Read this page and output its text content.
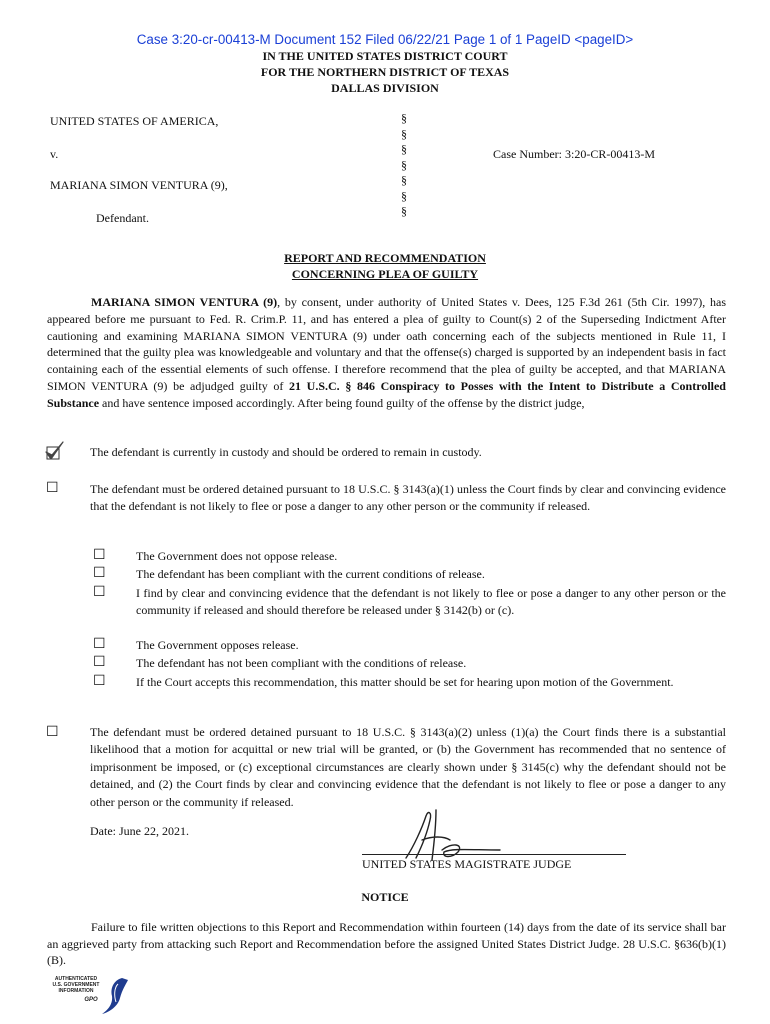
Case 3:20-cr-00413-M Document 152 Filed 06/22/21 Page 1 of 1 PageID <pageID>
IN THE UNITED STATES DISTRICT COURT
FOR THE NORTHERN DISTRICT OF TEXAS
DALLAS DIVISION
UNITED STATES OF AMERICA,
v.
MARIANA SIMON VENTURA (9),
Defendant.
§
§
§
§
§
§
§
Case Number: 3:20-CR-00413-M
REPORT AND RECOMMENDATION
CONCERNING PLEA OF GUILTY
MARIANA SIMON VENTURA (9), by consent, under authority of United States v. Dees, 125 F.3d 261 (5th Cir. 1997), has appeared before me pursuant to Fed. R. Crim.P. 11, and has entered a plea of guilty to Count(s) 2 of the Superseding Indictment After cautioning and examining MARIANA SIMON VENTURA (9) under oath concerning each of the subjects mentioned in Rule 11, I determined that the guilty plea was knowledgeable and voluntary and that the offense(s) charged is supported by an independent basis in fact containing each of the essential elements of such offense. I therefore recommend that the plea of guilty be accepted, and that MARIANA SIMON VENTURA (9) be adjudged guilty of 21 U.S.C. § 846 Conspiracy to Posses with the Intent to Distribute a Controlled Substance and have sentence imposed accordingly. After being found guilty of the offense by the district judge,
The defendant is currently in custody and should be ordered to remain in custody.
☐	The defendant must be ordered detained pursuant to 18 U.S.C. § 3143(a)(1) unless the Court finds by clear and convincing evidence that the defendant is not likely to flee or pose a danger to any other person or the community if released.
☐	The Government does not oppose release.
☐	The defendant has been compliant with the current conditions of release.
☐	I find by clear and convincing evidence that the defendant is not likely to flee or pose a danger to any other person or the community if released and should therefore be released under § 3142(b) or (c).
☐	The Government opposes release.
☐	The defendant has not been compliant with the conditions of release.
☐	If the Court accepts this recommendation, this matter should be set for hearing upon motion of the Government.
☐	The defendant must be ordered detained pursuant to 18 U.S.C. § 3143(a)(2) unless (1)(a) the Court finds there is a substantial likelihood that a motion for acquittal or new trial will be granted, or (b) the Government has recommended that no sentence of imprisonment be imposed, or (c) exceptional circumstances are clearly shown under § 3145(c) why the defendant should not be detained, and (2) the Court finds by clear and convincing evidence that the defendant is not likely to flee or pose a danger to any other person or the community if released.
Date: June 22, 2021.
UNITED STATES MAGISTRATE JUDGE
NOTICE
Failure to file written objections to this Report and Recommendation within fourteen (14) days from the date of its service shall bar an aggrieved party from attacking such Report and Recommendation before the assigned United States District Judge. 28 U.S.C. §636(b)(1)(B).
AUTHENTICATED
U.S. GOVERNMENT
INFORMATION
GPO
